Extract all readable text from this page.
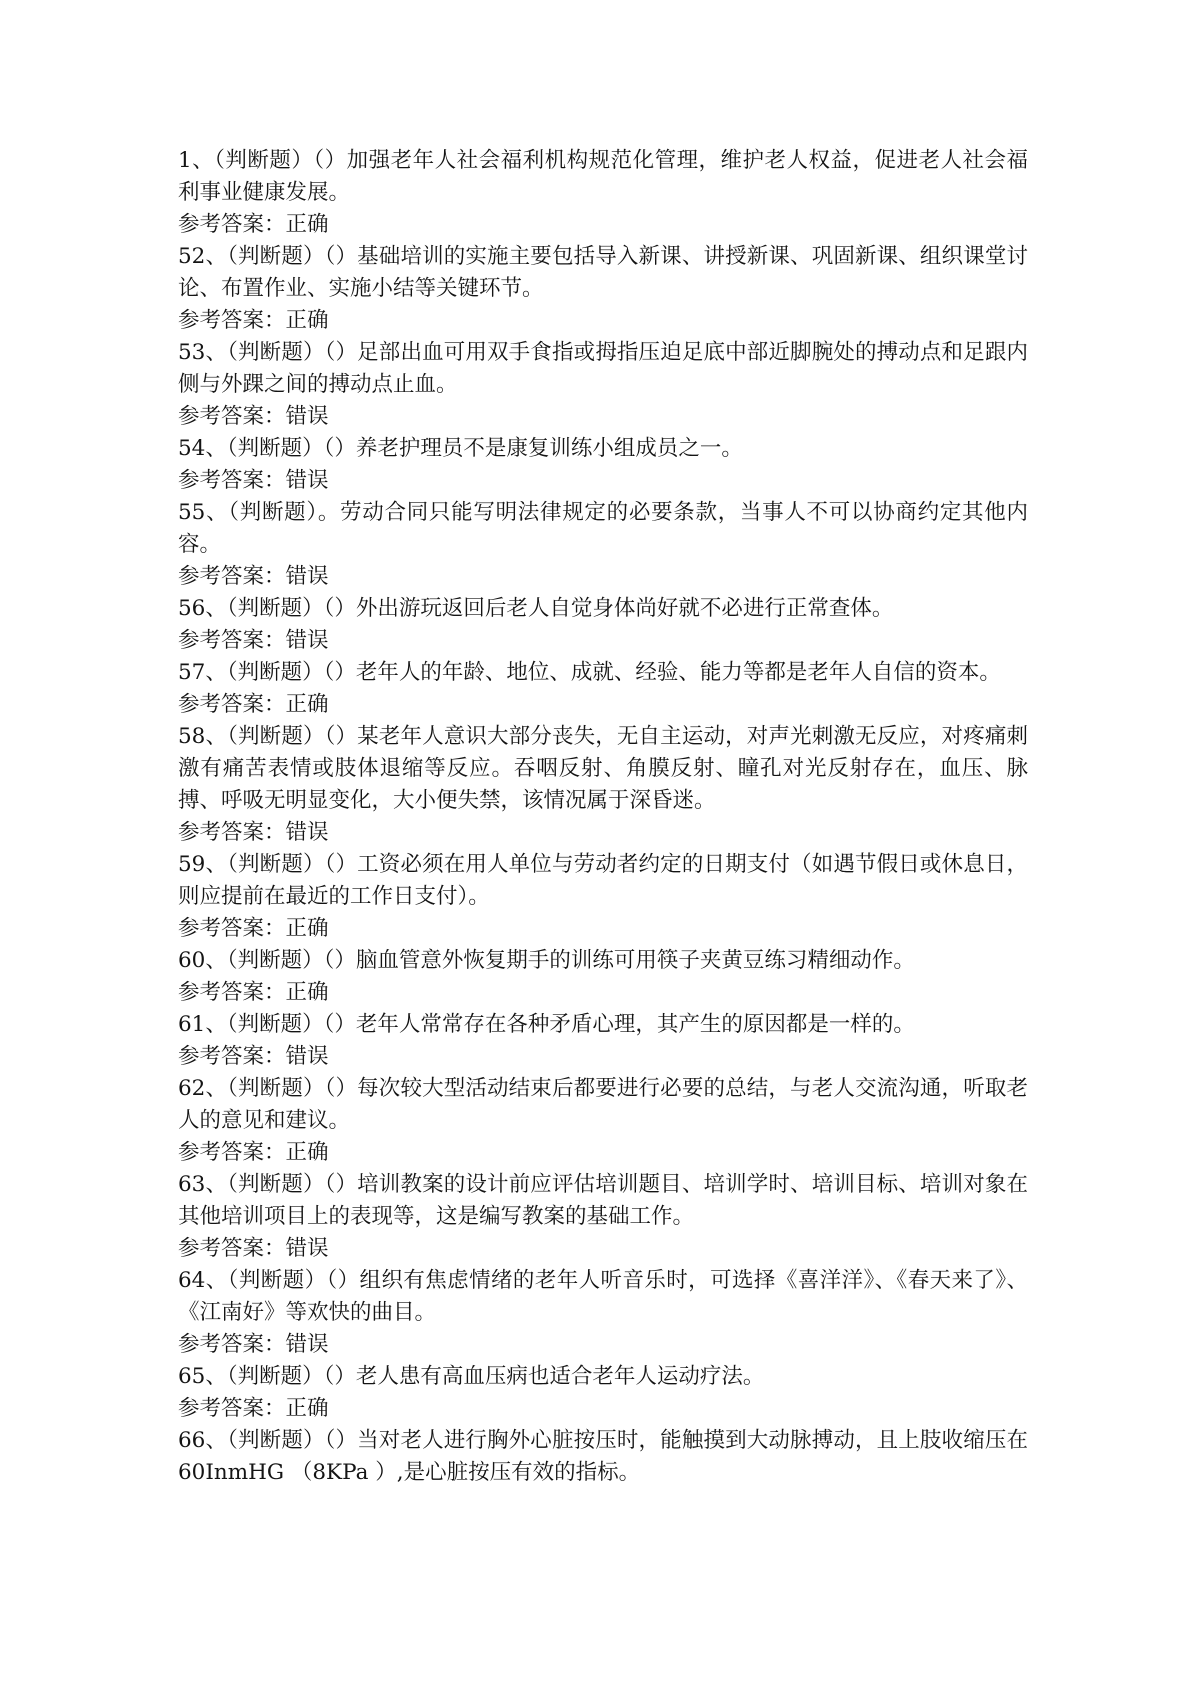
1、（判断题）（）加强老年人社会福利机构规范化管理，维护老人权益，促进老人社会福利事业健康发展。

参考答案：正确

52、（判断题）（）基础培训的实施主要包括导入新课、讲授新课、巩固新课、组织课堂讨论、布置作业、实施小结等关键环节。

参考答案：正确

53、（判断题）（）足部出血可用双手食指或拇指压迫足底中部近脚腕处的搏动点和足跟内侧与外踝之间的搏动点止血。

参考答案：错误

54、（判断题）（）养老护理员不是康复训练小组成员之一。

参考答案：错误

55、（判断题）。劳动合同只能写明法律规定的必要条款，当事人不可以协商约定其他内容。

参考答案：错误

56、（判断题）（）外出游玩返回后老人自觉身体尚好就不必进行正常查体。

参考答案：错误

57、（判断题）（）老年人的年龄、地位、成就、经验、能力等都是老年人自信的资本。

参考答案：正确

58、（判断题）（）某老年人意识大部分丧失，无自主运动，对声光刺激无反应，对疼痛刺激有痛苦表情或肢体退缩等反应。吞咽反射、角膜反射、瞳孔对光反射存在，血压、脉搏、呼吸无明显变化，大小便失禁，该情况属于深昏迷。

参考答案：错误

59、（判断题）（）工资必须在用人单位与劳动者约定的日期支付（如遇节假日或休息日，则应提前在最近的工作日支付）。

参考答案：正确

60、（判断题）（）脑血管意外恢复期手的训练可用筷子夹黄豆练习精细动作。

参考答案：正确

61、（判断题）（）老年人常常存在各种矛盾心理，其产生的原因都是一样的。

参考答案：错误

62、（判断题）（）每次较大型活动结束后都要进行必要的总结，与老人交流沟通，听取老人的意见和建议。

参考答案：正确

63、（判断题）（）培训教案的设计前应评估培训题目、培训学时、培训目标、培训对象在其他培训项目上的表现等，这是编写教案的基础工作。

参考答案：错误

64、（判断题）（）组织有焦虑情绪的老年人听音乐时，可选择《喜洋洋》、《春天来了》、《江南好》等欢快的曲目。

参考答案：错误

65、（判断题）（）老人患有高血压病也适合老年人运动疗法。

参考答案：正确

66、（判断题）（）当对老人进行胸外心脏按压时，能触摸到大动脉搏动，且上肢收缩压在60InmHG （8KPa ）,是心脏按压有效的指标。
